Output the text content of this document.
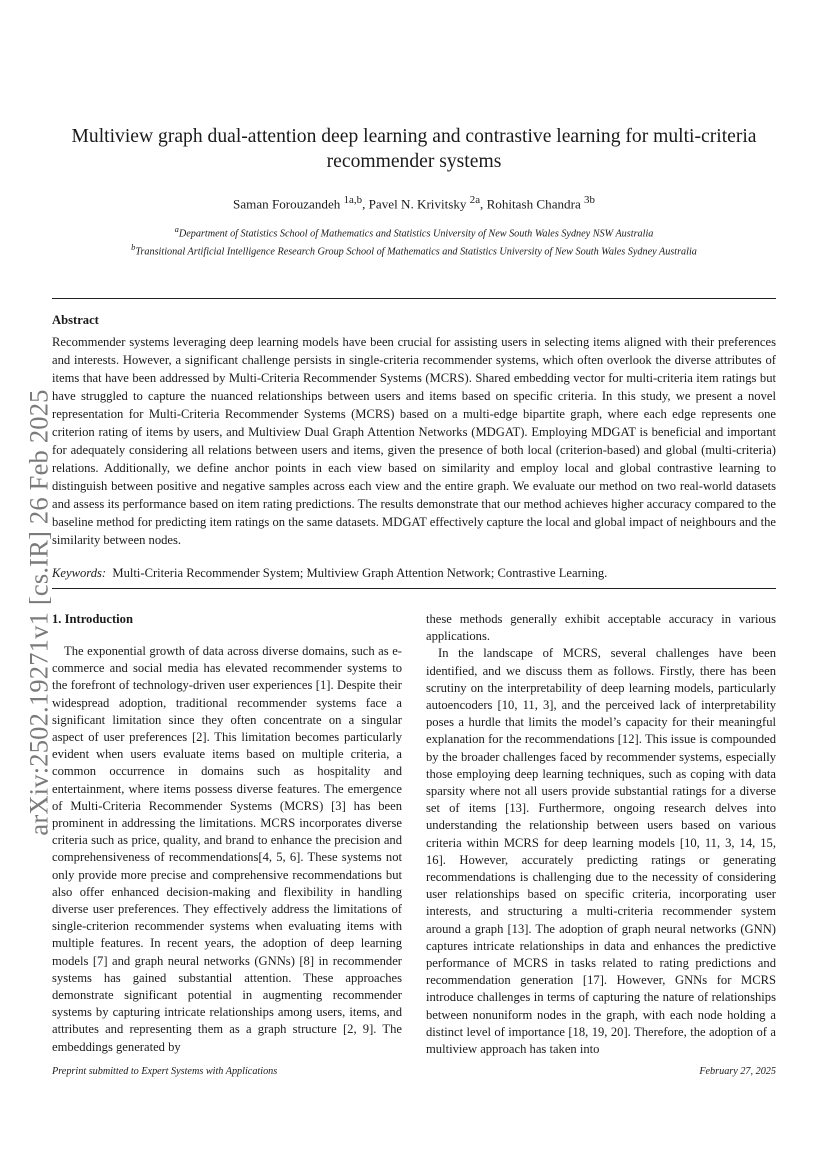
arXiv:2502.19271v1 [cs.IR] 26 Feb 2025
Multiview graph dual-attention deep learning and contrastive learning for multi-criteria recommender systems
Saman Forouzandeh $^{1a,b}$, Pavel N. Krivitsky $^{2a}$, Rohitash Chandra $^{3b}$
$^a$Department of Statistics School of Mathematics and Statistics University of New South Wales Sydney NSW Australia
$^b$Transitional Artificial Intelligence Research Group School of Mathematics and Statistics University of New South Wales Sydney Australia
Abstract

Recommender systems leveraging deep learning models have been crucial for assisting users in selecting items aligned with their preferences and interests. However, a significant challenge persists in single-criteria recommender systems, which often overlook the diverse attributes of items that have been addressed by Multi-Criteria Recommender Systems (MCRS). Shared embedding vector for multi-criteria item ratings but have struggled to capture the nuanced relationships between users and items based on specific criteria. In this study, we present a novel representation for Multi-Criteria Recommender Systems (MCRS) based on a multi-edge bipartite graph, where each edge represents one criterion rating of items by users, and Multiview Dual Graph Attention Networks (MDGAT). Employing MDGAT is beneficial and important for adequately considering all relations between users and items, given the presence of both local (criterion-based) and global (multi-criteria) relations. Additionally, we define anchor points in each view based on similarity and employ local and global contrastive learning to distinguish between positive and negative samples across each view and the entire graph. We evaluate our method on two real-world datasets and assess its performance based on item rating predictions. The results demonstrate that our method achieves higher accuracy compared to the baseline method for predicting item ratings on the same datasets. MDGAT effectively capture the local and global impact of neighbours and the similarity between nodes.

Keywords: Multi-Criteria Recommender System; Multiview Graph Attention Network; Contrastive Learning.
1. Introduction

The exponential growth of data across diverse domains, such as e-commerce and social media has elevated recommender systems to the forefront of technology-driven user experiences [1]. Despite their widespread adoption, traditional recommender systems face a significant limitation since they often concentrate on a singular aspect of user preferences [2]. This limitation becomes particularly evident when users evaluate items based on multiple criteria, a common occurrence in domains such as hospitality and entertainment, where items possess diverse features. The emergence of Multi-Criteria Recommender Systems (MCRS) [3] has been prominent in addressing the limitations. MCRS incorporates diverse criteria such as price, quality, and brand to enhance the precision and comprehensiveness of recommendations[4, 5, 6]. These systems not only provide more precise and comprehensive recommendations but also offer enhanced decision-making and flexibility in handling diverse user preferences. They effectively address the limitations of single-criterion recommender systems when evaluating items with multiple features. In recent years, the adoption of deep learning models [7] and graph neural networks (GNNs) [8] in recommender systems has gained substantial attention. These approaches demonstrate significant potential in augmenting recommender systems by capturing intricate relationships among users, items, and attributes and representing them as a graph structure [2, 9]. The embeddings generated by

these methods generally exhibit acceptable accuracy in various applications.

In the landscape of MCRS, several challenges have been identified, and we discuss them as follows. Firstly, there has been scrutiny on the interpretability of deep learning models, particularly autoencoders [10, 11, 3], and the perceived lack of interpretability poses a hurdle that limits the model’s capacity for their meaningful explanation for the recommendations [12]. This issue is compounded by the broader challenges faced by recommender systems, especially those employing deep learning techniques, such as coping with data sparsity where not all users provide substantial ratings for a diverse set of items [13]. Furthermore, ongoing research delves into understanding the relationship between users based on various criteria within MCRS for deep learning models [10, 11, 3, 14, 15, 16]. However, accurately predicting ratings or generating recommendations is challenging due to the necessity of considering user relationships based on specific criteria, incorporating user interests, and structuring a multi-criteria recommender system around a graph [13]. The adoption of graph neural networks (GNN) captures intricate relationships in data and enhances the predictive performance of MCRS in tasks related to rating predictions and recommendation generation [17]. However, GNNs for MCRS introduce challenges in terms of capturing the nature of relationships between nonuniform nodes in the graph, with each node holding a distinct level of importance [18, 19, 20]. Therefore, the adoption of a multiview approach has taken into

Preprint submitted to Expert Systems with Applications	February 27, 2025
